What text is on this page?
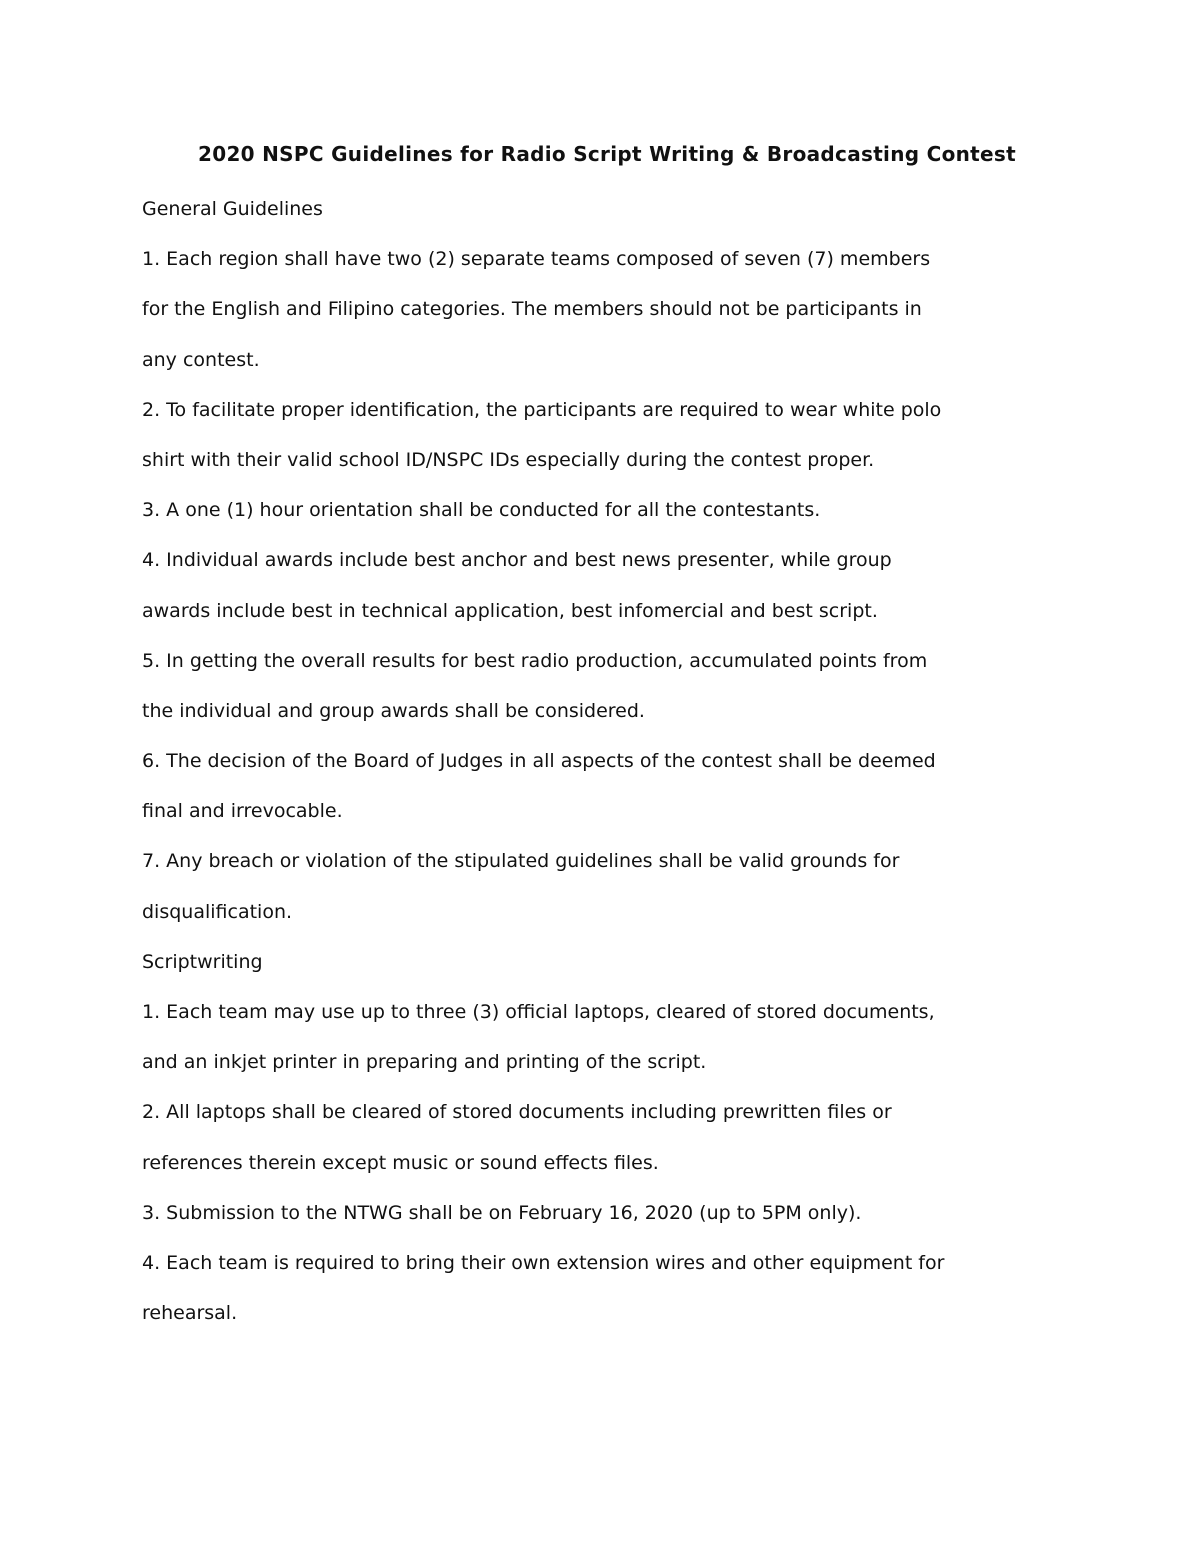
2020 NSPC Guidelines for Radio Script Writing & Broadcasting Contest
General Guidelines
1. Each region shall have two (2) separate teams composed of seven (7) members
for the English and Filipino categories. The members should not be participants in
any contest.
2. To facilitate proper identification, the participants are required to wear white polo
shirt with their valid school ID/NSPC IDs especially during the contest proper.
3. A one (1) hour orientation shall be conducted for all the contestants.
4. Individual awards include best anchor and best news presenter, while group
awards include best in technical application, best infomercial and best script.
5. In getting the overall results for best radio production, accumulated points from
the individual and group awards shall be considered.
6. The decision of the Board of Judges in all aspects of the contest shall be deemed
final and irrevocable.
7. Any breach or violation of the stipulated guidelines shall be valid grounds for
disqualification.
Scriptwriting
1. Each team may use up to three (3) official laptops, cleared of stored documents,
and an inkjet printer in preparing and printing of the script.
2. All laptops shall be cleared of stored documents including prewritten files or
references therein except music or sound effects files.
3. Submission to the NTWG shall be on February 16, 2020 (up to 5PM only).
4. Each team is required to bring their own extension wires and other equipment for
rehearsal.
